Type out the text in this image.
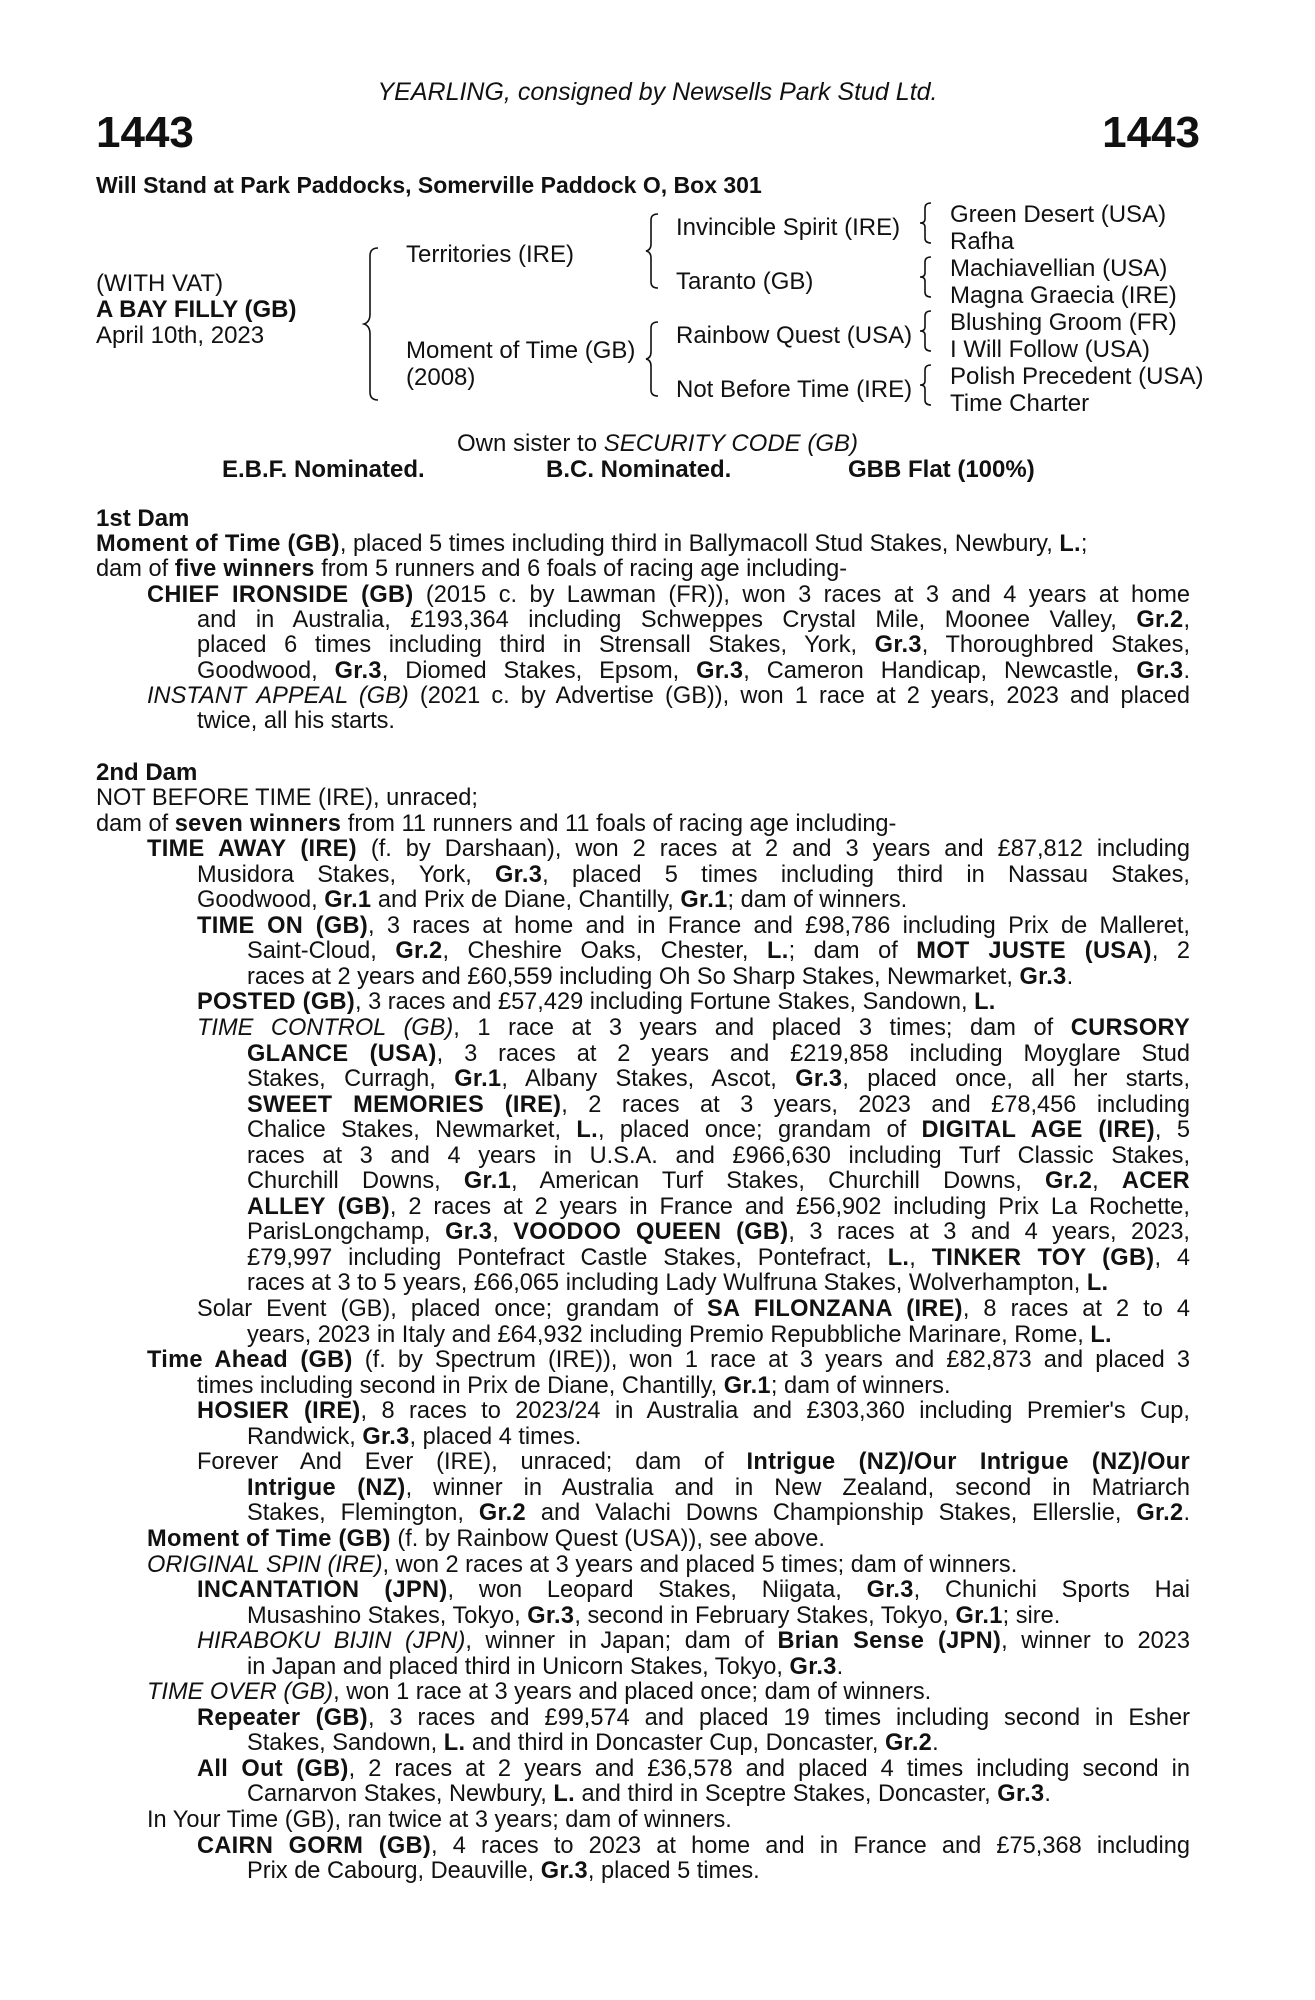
YEARLING, consigned by Newsells Park Stud Ltd.
1443	1443
Will Stand at Park Paddocks, Somerville Paddock O, Box 301
(WITH VAT)
A BAY FILLY (GB)
April 10th, 2023
Territories (IRE)
Moment of Time (GB)
(2008)
Invincible Spirit (IRE)
Taranto (GB)
Rainbow Quest (USA)
Not Before Time (IRE)
Green Desert (USA)
Rafha
Machiavellian (USA)
Magna Graecia (IRE)
Blushing Groom (FR)
I Will Follow (USA)
Polish Precedent (USA)
Time Charter
Own sister to SECURITY CODE (GB)
E.B.F. Nominated.	B.C. Nominated.	GBB Flat (100%)
1st Dam
Moment of Time (GB), placed 5 times including third in Ballymacoll Stud Stakes, Newbury, L.;
dam of five winners from 5 runners and 6 foals of racing age including-
CHIEF IRONSIDE (GB) (2015 c. by Lawman (FR)), won 3 races at 3 and 4 years at home
and in Australia, £193,364 including Schweppes Crystal Mile, Moonee Valley, Gr.2,
placed 6 times including third in Strensall Stakes, York, Gr.3, Thoroughbred Stakes,
Goodwood, Gr.3, Diomed Stakes, Epsom, Gr.3, Cameron Handicap, Newcastle, Gr.3.
INSTANT APPEAL (GB) (2021 c. by Advertise (GB)), won 1 race at 2 years, 2023 and placed
twice, all his starts.
2nd Dam
NOT BEFORE TIME (IRE), unraced;
dam of seven winners from 11 runners and 11 foals of racing age including-
TIME AWAY (IRE) (f. by Darshaan), won 2 races at 2 and 3 years and £87,812 including
Musidora Stakes, York, Gr.3, placed 5 times including third in Nassau Stakes,
Goodwood, Gr.1 and Prix de Diane, Chantilly, Gr.1; dam of winners.
TIME ON (GB), 3 races at home and in France and £98,786 including Prix de Malleret,
Saint-Cloud, Gr.2, Cheshire Oaks, Chester, L.; dam of MOT JUSTE (USA), 2
races at 2 years and £60,559 including Oh So Sharp Stakes, Newmarket, Gr.3.
POSTED (GB), 3 races and £57,429 including Fortune Stakes, Sandown, L.
TIME CONTROL (GB), 1 race at 3 years and placed 3 times; dam of CURSORY
GLANCE (USA), 3 races at 2 years and £219,858 including Moyglare Stud
Stakes, Curragh, Gr.1, Albany Stakes, Ascot, Gr.3, placed once, all her starts,
SWEET MEMORIES (IRE), 2 races at 3 years, 2023 and £78,456 including
Chalice Stakes, Newmarket, L., placed once; grandam of DIGITAL AGE (IRE), 5
races at 3 and 4 years in U.S.A. and £966,630 including Turf Classic Stakes,
Churchill Downs, Gr.1, American Turf Stakes, Churchill Downs, Gr.2, ACER
ALLEY (GB), 2 races at 2 years in France and £56,902 including Prix La Rochette,
ParisLongchamp, Gr.3, VOODOO QUEEN (GB), 3 races at 3 and 4 years, 2023,
£79,997 including Pontefract Castle Stakes, Pontefract, L., TINKER TOY (GB), 4
races at 3 to 5 years, £66,065 including Lady Wulfruna Stakes, Wolverhampton, L.
Solar Event (GB), placed once; grandam of SA FILONZANA (IRE), 8 races at 2 to 4
years, 2023 in Italy and £64,932 including Premio Repubbliche Marinare, Rome, L.
Time Ahead (GB) (f. by Spectrum (IRE)), won 1 race at 3 years and £82,873 and placed 3
times including second in Prix de Diane, Chantilly, Gr.1; dam of winners.
HOSIER (IRE), 8 races to 2023/24 in Australia and £303,360 including Premier's Cup,
Randwick, Gr.3, placed 4 times.
Forever And Ever (IRE), unraced; dam of Intrigue (NZ)/Our Intrigue (NZ)/Our
Intrigue (NZ), winner in Australia and in New Zealand, second in Matriarch
Stakes, Flemington, Gr.2 and Valachi Downs Championship Stakes, Ellerslie, Gr.2.
Moment of Time (GB) (f. by Rainbow Quest (USA)), see above.
ORIGINAL SPIN (IRE), won 2 races at 3 years and placed 5 times; dam of winners.
INCANTATION (JPN), won Leopard Stakes, Niigata, Gr.3, Chunichi Sports Hai
Musashino Stakes, Tokyo, Gr.3, second in February Stakes, Tokyo, Gr.1; sire.
HIRABOKU BIJIN (JPN), winner in Japan; dam of Brian Sense (JPN), winner to 2023
in Japan and placed third in Unicorn Stakes, Tokyo, Gr.3.
TIME OVER (GB), won 1 race at 3 years and placed once; dam of winners.
Repeater (GB), 3 races and £99,574 and placed 19 times including second in Esher
Stakes, Sandown, L. and third in Doncaster Cup, Doncaster, Gr.2.
All Out (GB), 2 races at 2 years and £36,578 and placed 4 times including second in
Carnarvon Stakes, Newbury, L. and third in Sceptre Stakes, Doncaster, Gr.3.
In Your Time (GB), ran twice at 3 years; dam of winners.
CAIRN GORM (GB), 4 races to 2023 at home and in France and £75,368 including
Prix de Cabourg, Deauville, Gr.3, placed 5 times.
